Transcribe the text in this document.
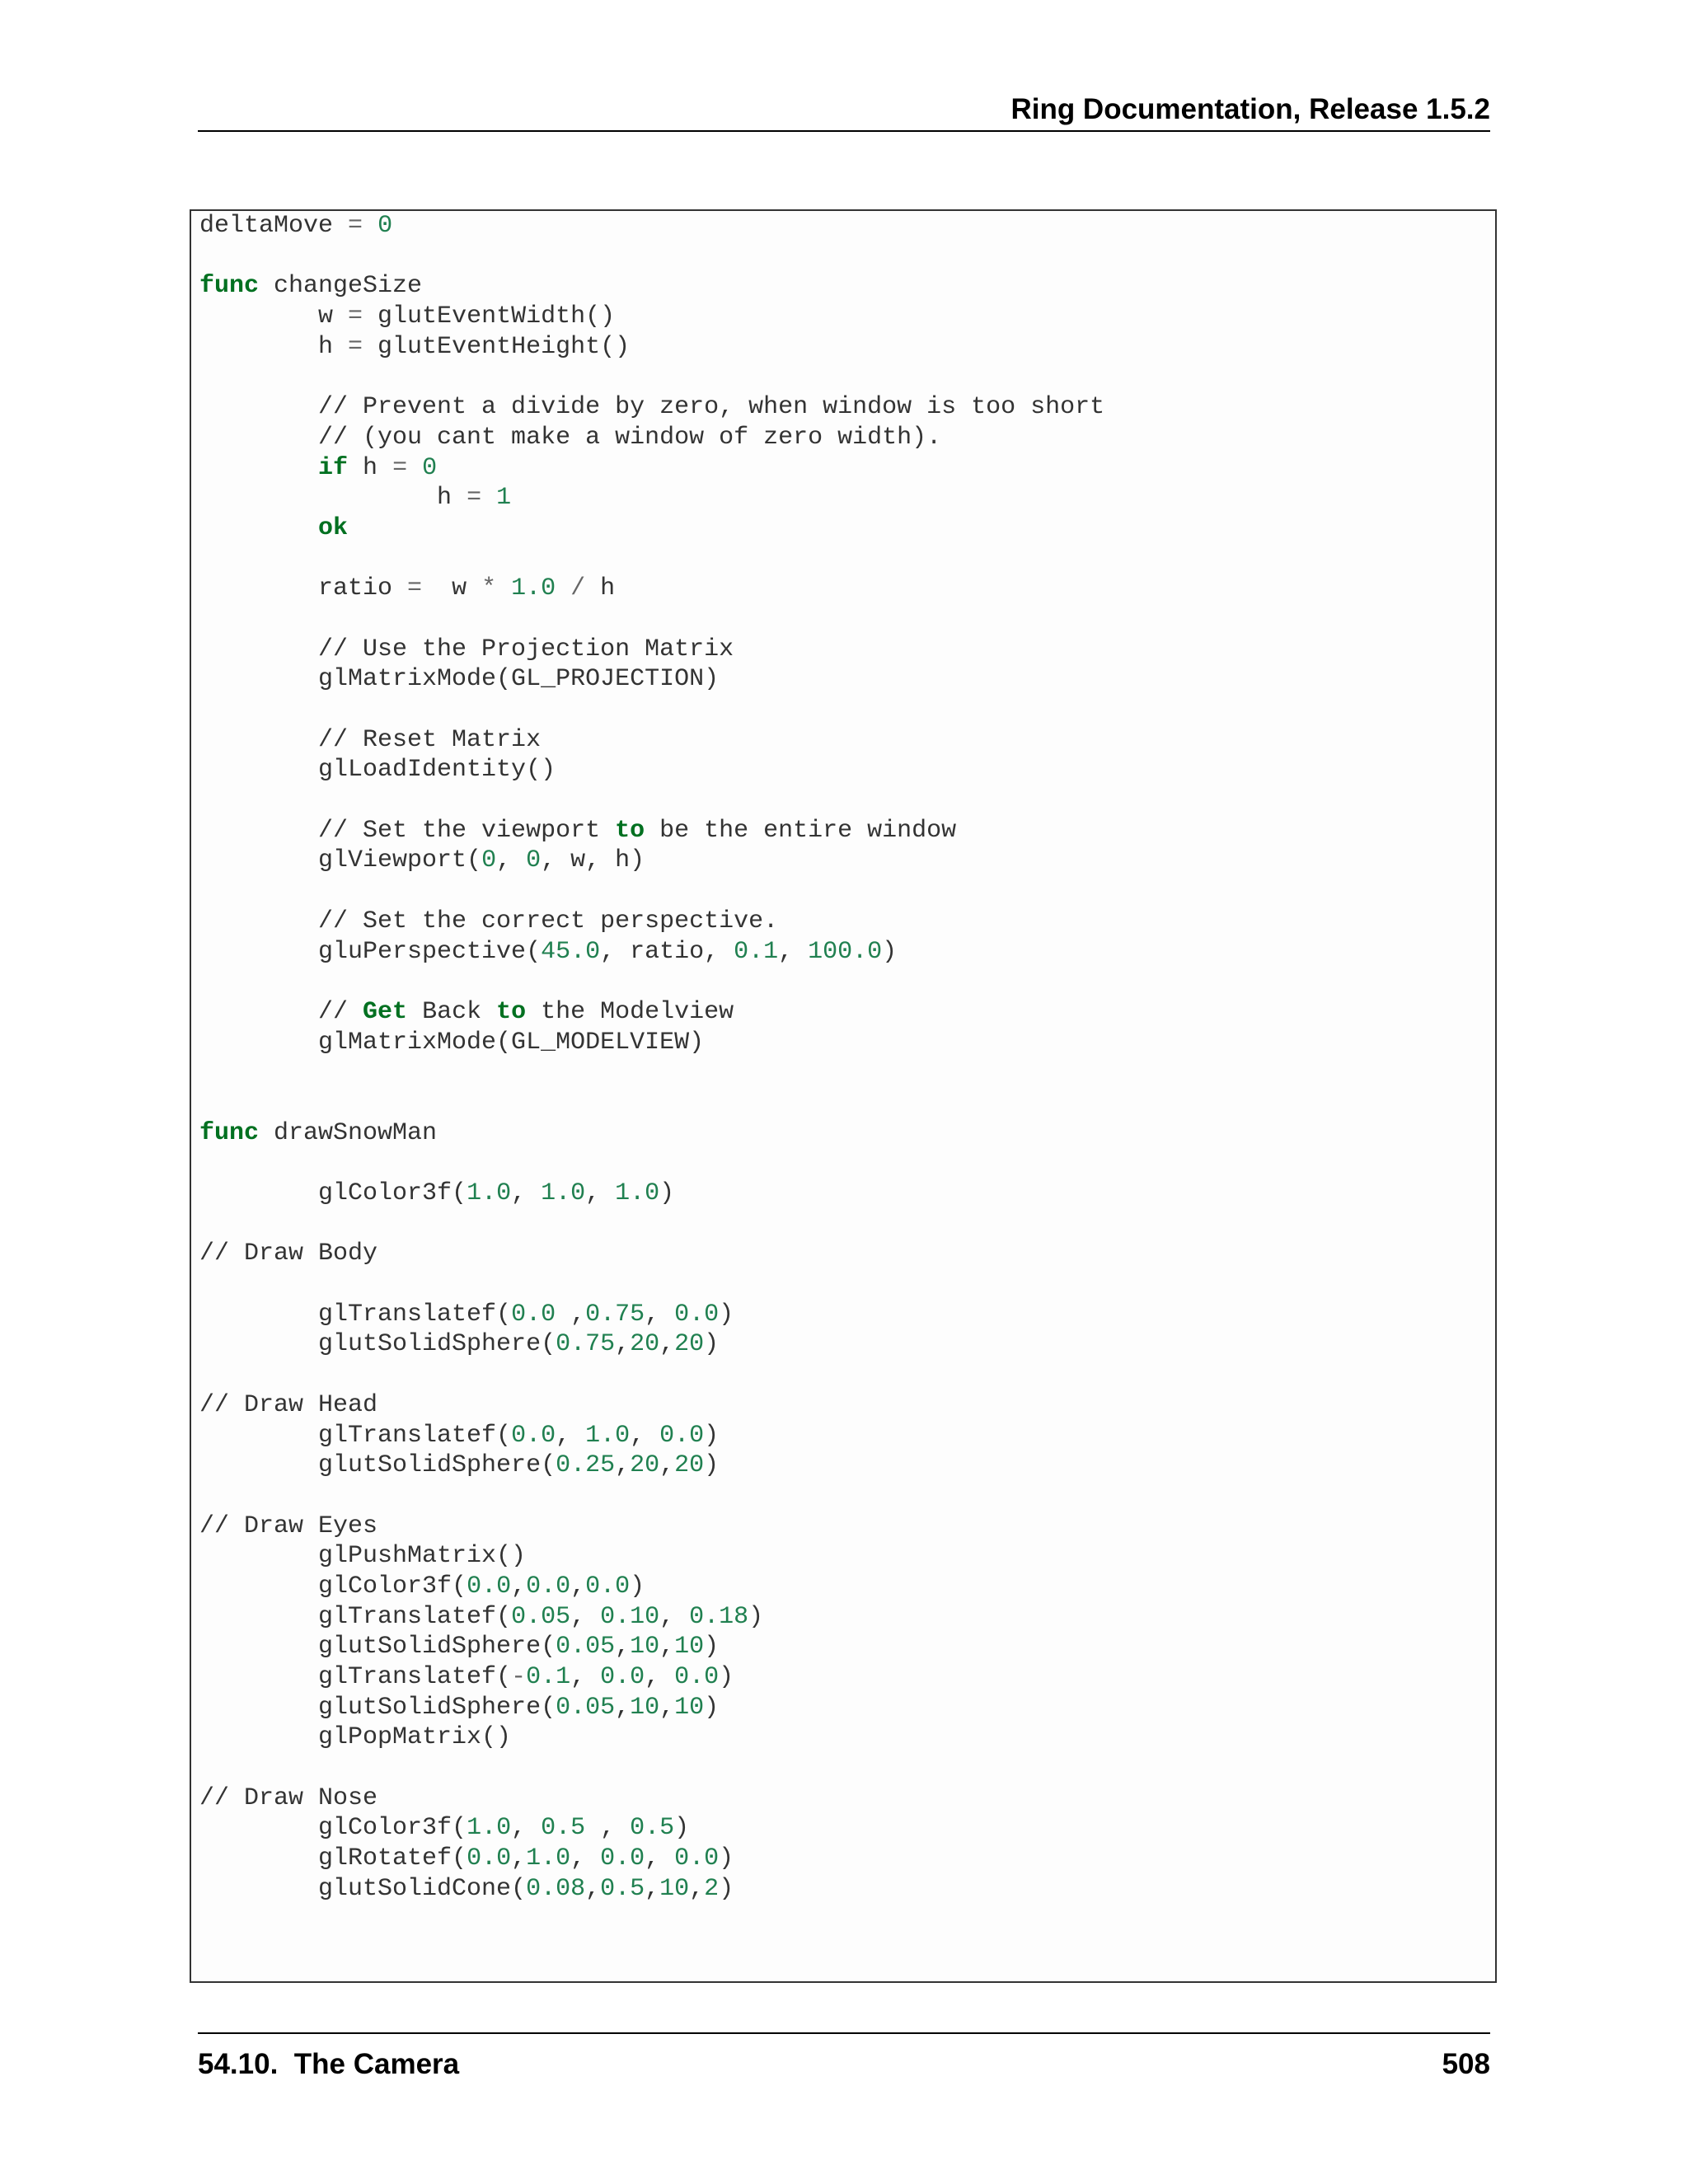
Ring Documentation, Release 1.5.2
deltaMove = 0
func changeSize
w = glutEventWidth()
h = glutEventHeight()
// Prevent a divide by zero, when window is too short
// (you cant make a window of zero width).
if h = 0
h = 1
ok
ratio =  w * 1.0 / h
// Use the Projection Matrix
glMatrixMode(GL_PROJECTION)
// Reset Matrix
glLoadIdentity()
// Set the viewport to be the entire window
glViewport(0, 0, w, h)
// Set the correct perspective.
gluPerspective(45.0, ratio, 0.1, 100.0)
// Get Back to the Modelview
glMatrixMode(GL_MODELVIEW)
func drawSnowMan
glColor3f(1.0, 1.0, 1.0)
// Draw Body
glTranslatef(0.0 ,0.75, 0.0)
glutSolidSphere(0.75,20,20)
// Draw Head
glTranslatef(0.0, 1.0, 0.0)
glutSolidSphere(0.25,20,20)
// Draw Eyes
glPushMatrix()
glColor3f(0.0,0.0,0.0)
glTranslatef(0.05, 0.10, 0.18)
glutSolidSphere(0.05,10,10)
glTranslatef(-0.1, 0.0, 0.0)
glutSolidSphere(0.05,10,10)
glPopMatrix()
// Draw Nose
glColor3f(1.0, 0.5 , 0.5)
glRotatef(0.0,1.0, 0.0, 0.0)
glutSolidCone(0.08,0.5,10,2)
54.10.  The Camera	508
